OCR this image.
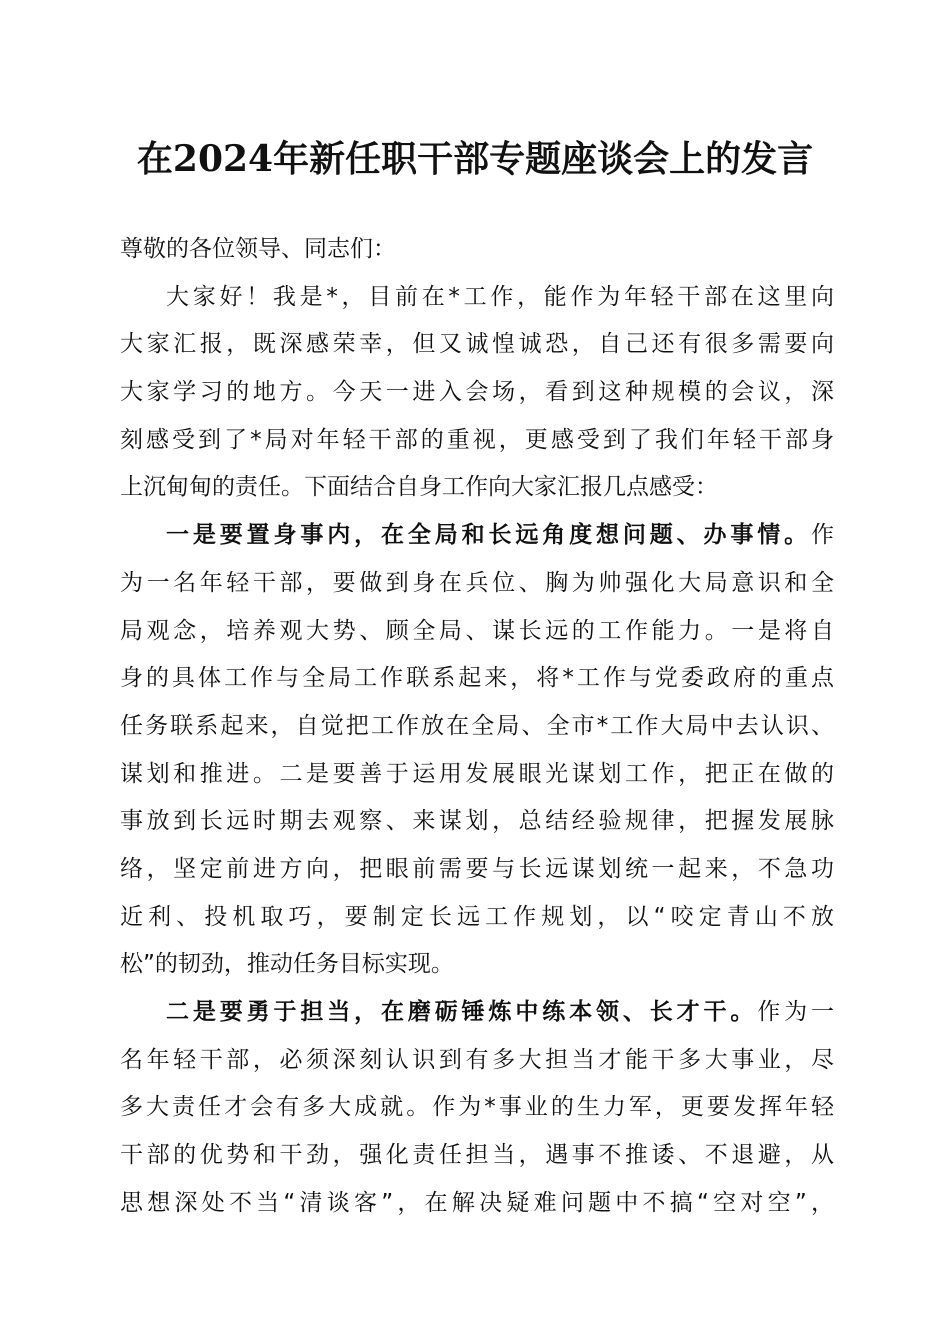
在2024年新任职干部专题座谈会上的发言
尊敬的各位领导、同志们：
大家好！我是*，目前在*工作，能作为年轻干部在这里向
大家汇报，既深感荣幸，但又诚惶诚恐，自己还有很多需要向
大家学习的地方。今天一进入会场，看到这种规模的会议，深
刻感受到了*局对年轻干部的重视，更感受到了我们年轻干部身
上沉甸甸的责任。下面结合自身工作向大家汇报几点感受：
一是要置身事内，在全局和长远角度想问题、办事情。作
为一名年轻干部，要做到身在兵位、胸为帅强化大局意识和全
局观念，培养观大势、顾全局、谋长远的工作能力。一是将自
身的具体工作与全局工作联系起来，将*工作与党委政府的重点
任务联系起来，自觉把工作放在全局、全市*工作大局中去认识、
谋划和推进。二是要善于运用发展眼光谋划工作，把正在做的
事放到长远时期去观察、来谋划，总结经验规律，把握发展脉
络，坚定前进方向，把眼前需要与长远谋划统一起来，不急功
近利、投机取巧，要制定长远工作规划，以“咬定青山不放
松”的韧劲，推动任务目标实现。
二是要勇于担当，在磨砺锤炼中练本领、长才干。作为一
名年轻干部，必须深刻认识到有多大担当才能干多大事业，尽
多大责任才会有多大成就。作为*事业的生力军，更要发挥年轻
干部的优势和干劲，强化责任担当，遇事不推诿、不退避，从
思想深处不当“清谈客”，在解决疑难问题中不搞“空对空”，
